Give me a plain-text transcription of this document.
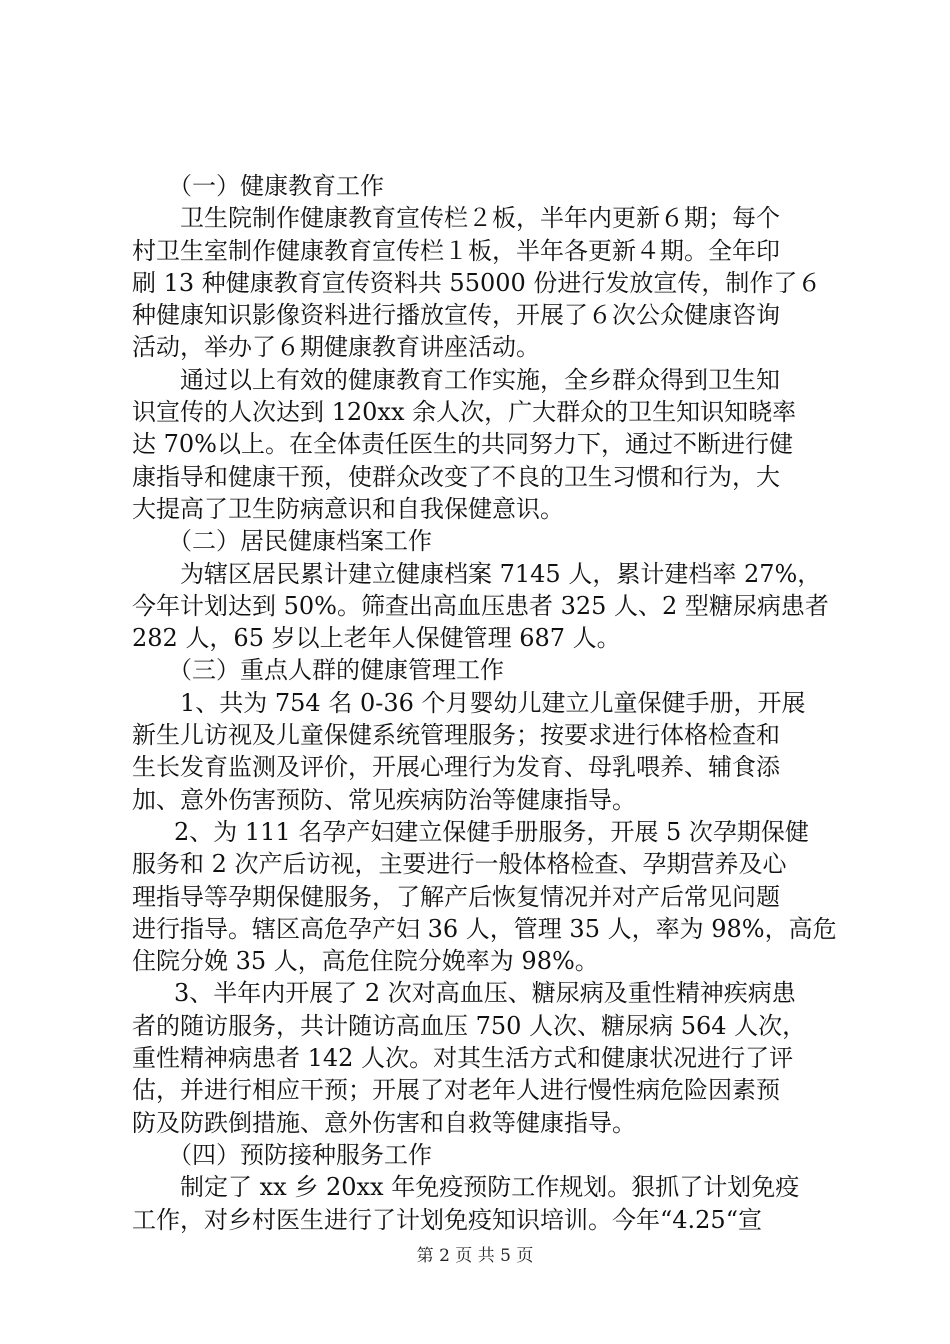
（一）健康教育工作
卫生院制作健康教育宣传栏２板，半年内更新６期；每个
村卫生室制作健康教育宣传栏１板，半年各更新４期。全年印
刷 13 种健康教育宣传资料共 55000 份进行发放宣传，制作了６
种健康知识影像资料进行播放宣传，开展了６次公众健康咨询
活动，举办了６期健康教育讲座活动。
通过以上有效的健康教育工作实施，全乡群众得到卫生知
识宣传的人次达到 120xx 余人次，广大群众的卫生知识知晓率
达 70%以上。在全体责任医生的共同努力下，通过不断进行健
康指导和健康干预，使群众改变了不良的卫生习惯和行为，大
大提高了卫生防病意识和自我保健意识。
（二）居民健康档案工作
为辖区居民累计建立健康档案 7145 人，累计建档率 27%，
今年计划达到 50%。筛查出高血压患者 325 人、2 型糖尿病患者
282 人，65 岁以上老年人保健管理 687 人。
（三）重点人群的健康管理工作
1、共为 754 名 0-36 个月婴幼儿建立儿童保健手册，开展
新生儿访视及儿童保健系统管理服务；按要求进行体格检查和
生长发育监测及评价，开展心理行为发育、母乳喂养、辅食添
加、意外伤害预防、常见疾病防治等健康指导。
2、为 111 名孕产妇建立保健手册服务，开展 5 次孕期保健
服务和 2 次产后访视，主要进行一般体格检查、孕期营养及心
理指导等孕期保健服务，了解产后恢复情况并对产后常见问题
进行指导。辖区高危孕产妇 36 人，管理 35 人，率为 98%，高危
住院分娩 35 人，高危住院分娩率为 98%。
3、半年内开展了 2 次对高血压、糖尿病及重性精神疾病患
者的随访服务，共计随访高血压 750 人次、糖尿病 564 人次，
重性精神病患者 142 人次。对其生活方式和健康状况进行了评
估，并进行相应干预；开展了对老年人进行慢性病危险因素预
防及防跌倒措施、意外伤害和自救等健康指导。
（四）预防接种服务工作
制定了 xx 乡 20xx 年免疫预防工作规划。狠抓了计划免疫
工作，对乡村医生进行了计划免疫知识培训。今年“4.25“宣
第 2 页 共 5 页
